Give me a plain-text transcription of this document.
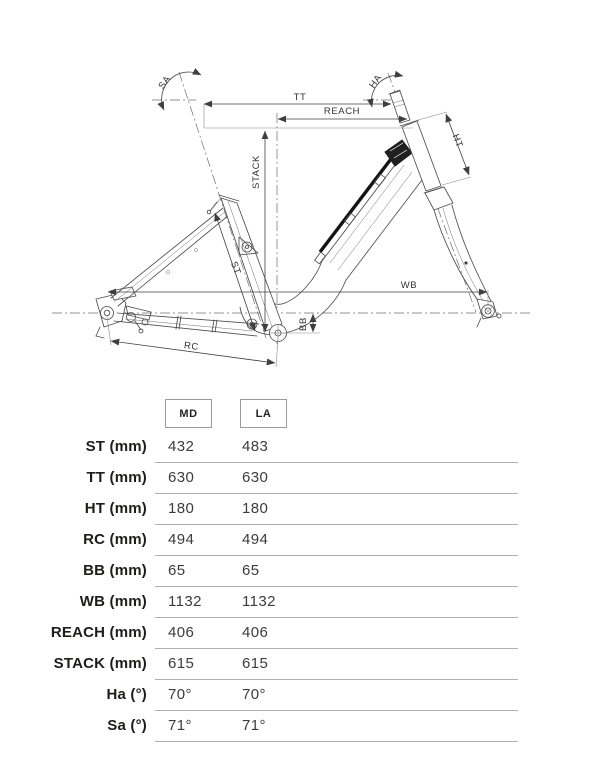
SA	HA
TT
REACH
STACK
HT
ST
WB
BB
RC
MD	LA
ST (mm) 432	483
TT (mm) 630	630
HT (mm) 180	180
RC (mm) 494	494
BB (mm) 65	65
WB (mm) 1132	1132
REACH (mm) 406	406
STACK (mm) 615	615
Ha (°) 70°	70°
Sa (°) 71°	71°
